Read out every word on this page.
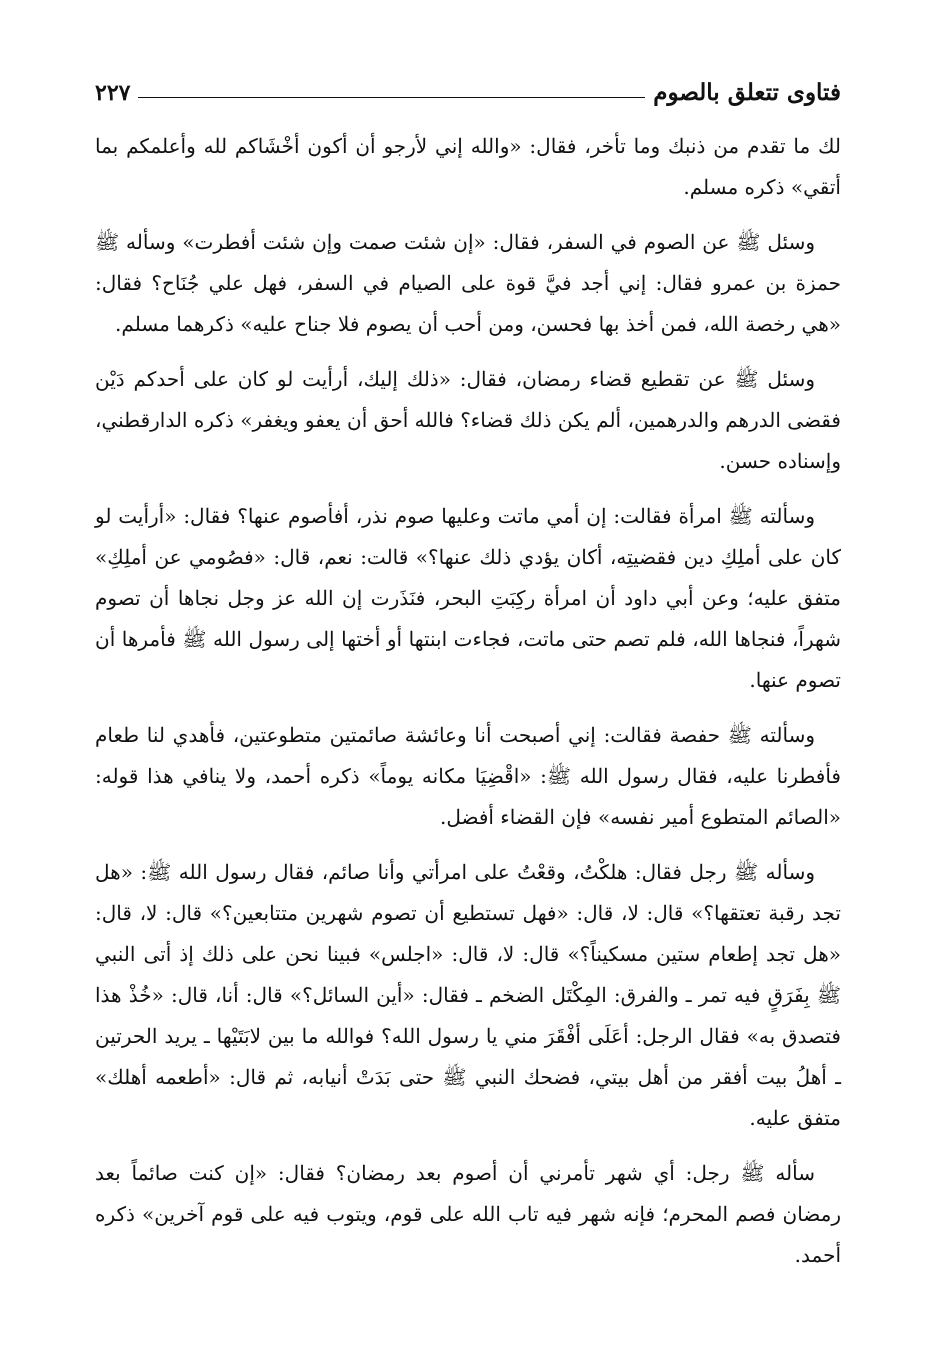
فتاوى تتعلق بالصوم
٢٢٧

لك ما تقدم من ذنبك وما تأخر، فقال: «والله إني لأرجو أن أكون أخْشَاكم لله وأعلمكم بما أتقي» ذكره مسلم.

وسئل ﷺ عن الصوم في السفر، فقال: «إن شئت صمت وإن شئت أفطرت» وسأله ﷺ حمزة بن عمرو فقال: إني أجد فيَّ قوة على الصيام في السفر، فهل علي جُنَاح؟ فقال: «هي رخصة الله، فمن أخذ بها فحسن، ومن أحب أن يصوم فلا جناح عليه» ذكرهما مسلم.

وسئل ﷺ عن تقطيع قضاء رمضان، فقال: «ذلك إليك، أرأيت لو كان على أحدكم دَيْن فقضى الدرهم والدرهمين، ألم يكن ذلك قضاء؟ فالله أحق أن يعفو ويغفر» ذكره الدارقطني، وإسناده حسن.

وسألته ﷺ امرأة فقالت: إن أمي ماتت وعليها صوم نذر، أفأصوم عنها؟ فقال: «أرأيت لو كان على أملِكِ دين فقضيتِه، أكان يؤدي ذلك عنها؟» قالت: نعم، قال: «فصُومي عن أملِكِ» متفق عليه؛ وعن أبي داود أن امرأة ركِبَتِ البحر، فنَذَرت إن الله عز وجل نجاها أن تصوم شهراً، فنجاها الله، فلم تصم حتى ماتت، فجاءت ابنتها أو أختها إلى رسول الله ﷺ فأمرها أن تصوم عنها.

وسألته ﷺ حفصة فقالت: إني أصبحت أنا وعائشة صائمتين متطوعتين، فأهدي لنا طعام فأفطرنا عليه، فقال رسول الله ﷺ: «اقْضِيَا مكانه يوماً» ذكره أحمد، ولا ينافي هذا قوله: «الصائم المتطوع أمير نفسه» فإن القضاء أفضل.

وسأله ﷺ رجل فقال: هلكْتُ، وقعْتُ على امرأتي وأنا صائم، فقال رسول الله ﷺ: «هل تجد رقبة تعتقها؟» قال: لا، قال: «فهل تستطيع أن تصوم شهرين متتابعين؟» قال: لا، قال: «هل تجد إطعام ستين مسكيناً؟» قال: لا، قال: «اجلس» فبينا نحن على ذلك إذ أتى النبي ﷺ بِفَرَقٍ فيه تمر ـ والفرق: المِكْتَل الضخم ـ فقال: «أين السائل؟» قال: أنا، قال: «خُذْ هذا فتصدق به» فقال الرجل: أعَلَى أفْقَرَ مني يا رسول الله؟ فوالله ما بين لابَتَيْها ـ يريد الحرتين ـ أهلُ بيت أفقر من أهل بيتي، فضحك النبي ﷺ حتى بَدَتْ أنيابه، ثم قال: «أطعمه أهلك» متفق عليه.

سأله ﷺ رجل: أي شهر تأمرني أن أصوم بعد رمضان؟ فقال: «إن كنت صائماً بعد رمضان فصم المحرم؛ فإنه شهر فيه تاب الله على قوم، ويتوب فيه على قوم آخرين» ذكره أحمد.
